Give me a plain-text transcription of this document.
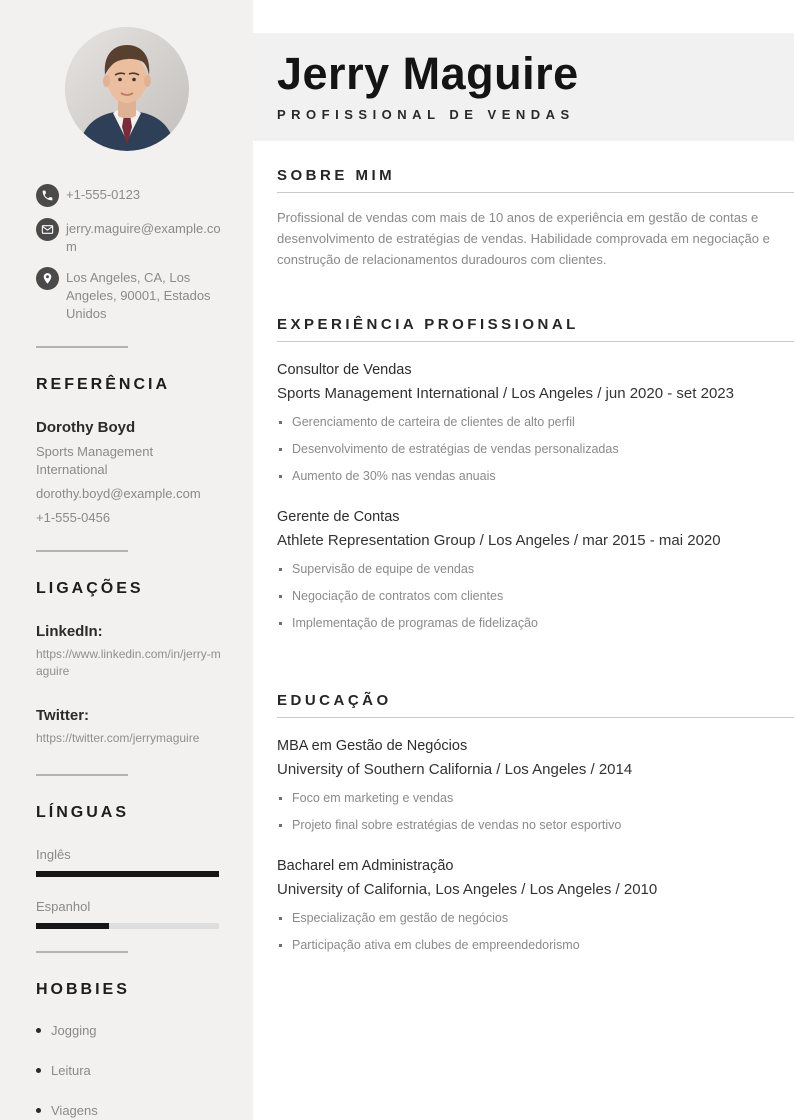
+1-555-0123
jerry.maguire@example.com
Los Angeles, CA, Los Angeles, 90001, Estados Unidos
REFERÊNCIA
Dorothy Boyd
Sports Management International
dorothy.boyd@example.com
+1-555-0456
LIGAÇÕES
LinkedIn:
https://www.linkedin.com/in/jerry-maguire
Twitter:
https://twitter.com/jerrymaguire
LÍNGUAS
Inglês
Espanhol
HOBBIES
Jogging
Leitura
Viagens
Jerry Maguire
PROFISSIONAL DE VENDAS
SOBRE MIM

Profissional de vendas com mais de 10 anos de experiência em gestão de contas e desenvolvimento de estratégias de vendas. Habilidade comprovada em negociação e construção de relacionamentos duradouros com clientes.

EXPERIÊNCIA PROFISSIONAL
Consultor de Vendas
Sports Management International / Los Angeles / jun 2020 - set 2023
Gerenciamento de carteira de clientes de alto perfil
Desenvolvimento de estratégias de vendas personalizadas
Aumento de 30% nas vendas anuais
Gerente de Contas
Athlete Representation Group / Los Angeles / mar 2015 - mai 2020
Supervisão de equipe de vendas
Negociação de contratos com clientes
Implementação de programas de fidelização
EDUCAÇÃO
MBA em Gestão de Negócios
University of Southern California / Los Angeles / 2014
Foco em marketing e vendas
Projeto final sobre estratégias de vendas no setor esportivo
Bacharel em Administração
University of California, Los Angeles / Los Angeles / 2010
Especialização em gestão de negócios
Participação ativa em clubes de empreendedorismo
